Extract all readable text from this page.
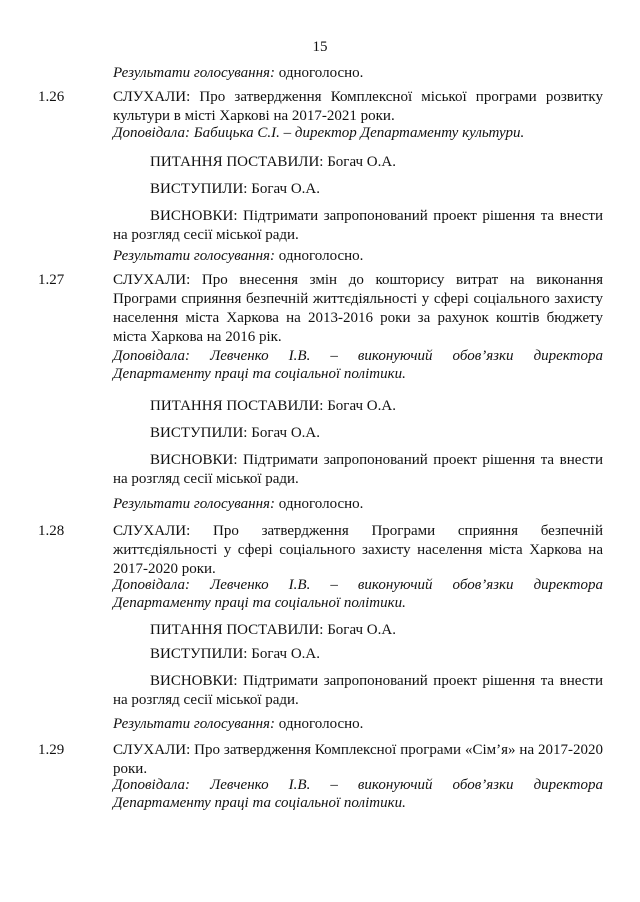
15

Результати голосування: одноголосно.

1.26	СЛУХАЛИ: Про затвердження Комплексної міської програми розвитку культури в місті Харкові на 2017-2021 роки.

Доповідала: Бабицька С.І. – директор Департаменту культури.

ПИТАННЯ ПОСТАВИЛИ: Богач О.А.

ВИСТУПИЛИ: Богач О.А.

ВИСНОВКИ: Підтримати запропонований проект рішення та внести на розгляд сесії міської ради.

Результати голосування: одноголосно.

1.27	СЛУХАЛИ: Про внесення змін до кошторису витрат на виконання Програми сприяння безпечній життєдіяльності у сфері соціального захисту населення міста Харкова на 2013-2016 роки за рахунок коштів бюджету міста Харкова на 2016 рік.

Доповідала: Левченко І.В. – виконуючий обов’язки директора

Департаменту праці та соціальної політики.

ПИТАННЯ ПОСТАВИЛИ: Богач О.А.

ВИСТУПИЛИ: Богач О.А.

ВИСНОВКИ: Підтримати запропонований проект рішення та внести на розгляд сесії міської ради.

Результати голосування: одноголосно.

1.28	СЛУХАЛИ: Про затвердження Програми сприяння безпечній життєдіяльності у сфері соціального захисту населення міста Харкова на 2017-2020 роки.

Доповідала: Левченко І.В. – виконуючий обов’язки директора

Департаменту праці та соціальної політики.

ПИТАННЯ ПОСТАВИЛИ: Богач О.А.

ВИСТУПИЛИ: Богач О.А.

ВИСНОВКИ: Підтримати запропонований проект рішення та внести на розгляд сесії міської ради.

Результати голосування: одноголосно.

1.29	СЛУХАЛИ: Про затвердження Комплексної програми «Сім’я» на 2017-2020 роки.

Доповідала: Левченко І.В. – виконуючий обов’язки директора

Департаменту праці та соціальної політики.
